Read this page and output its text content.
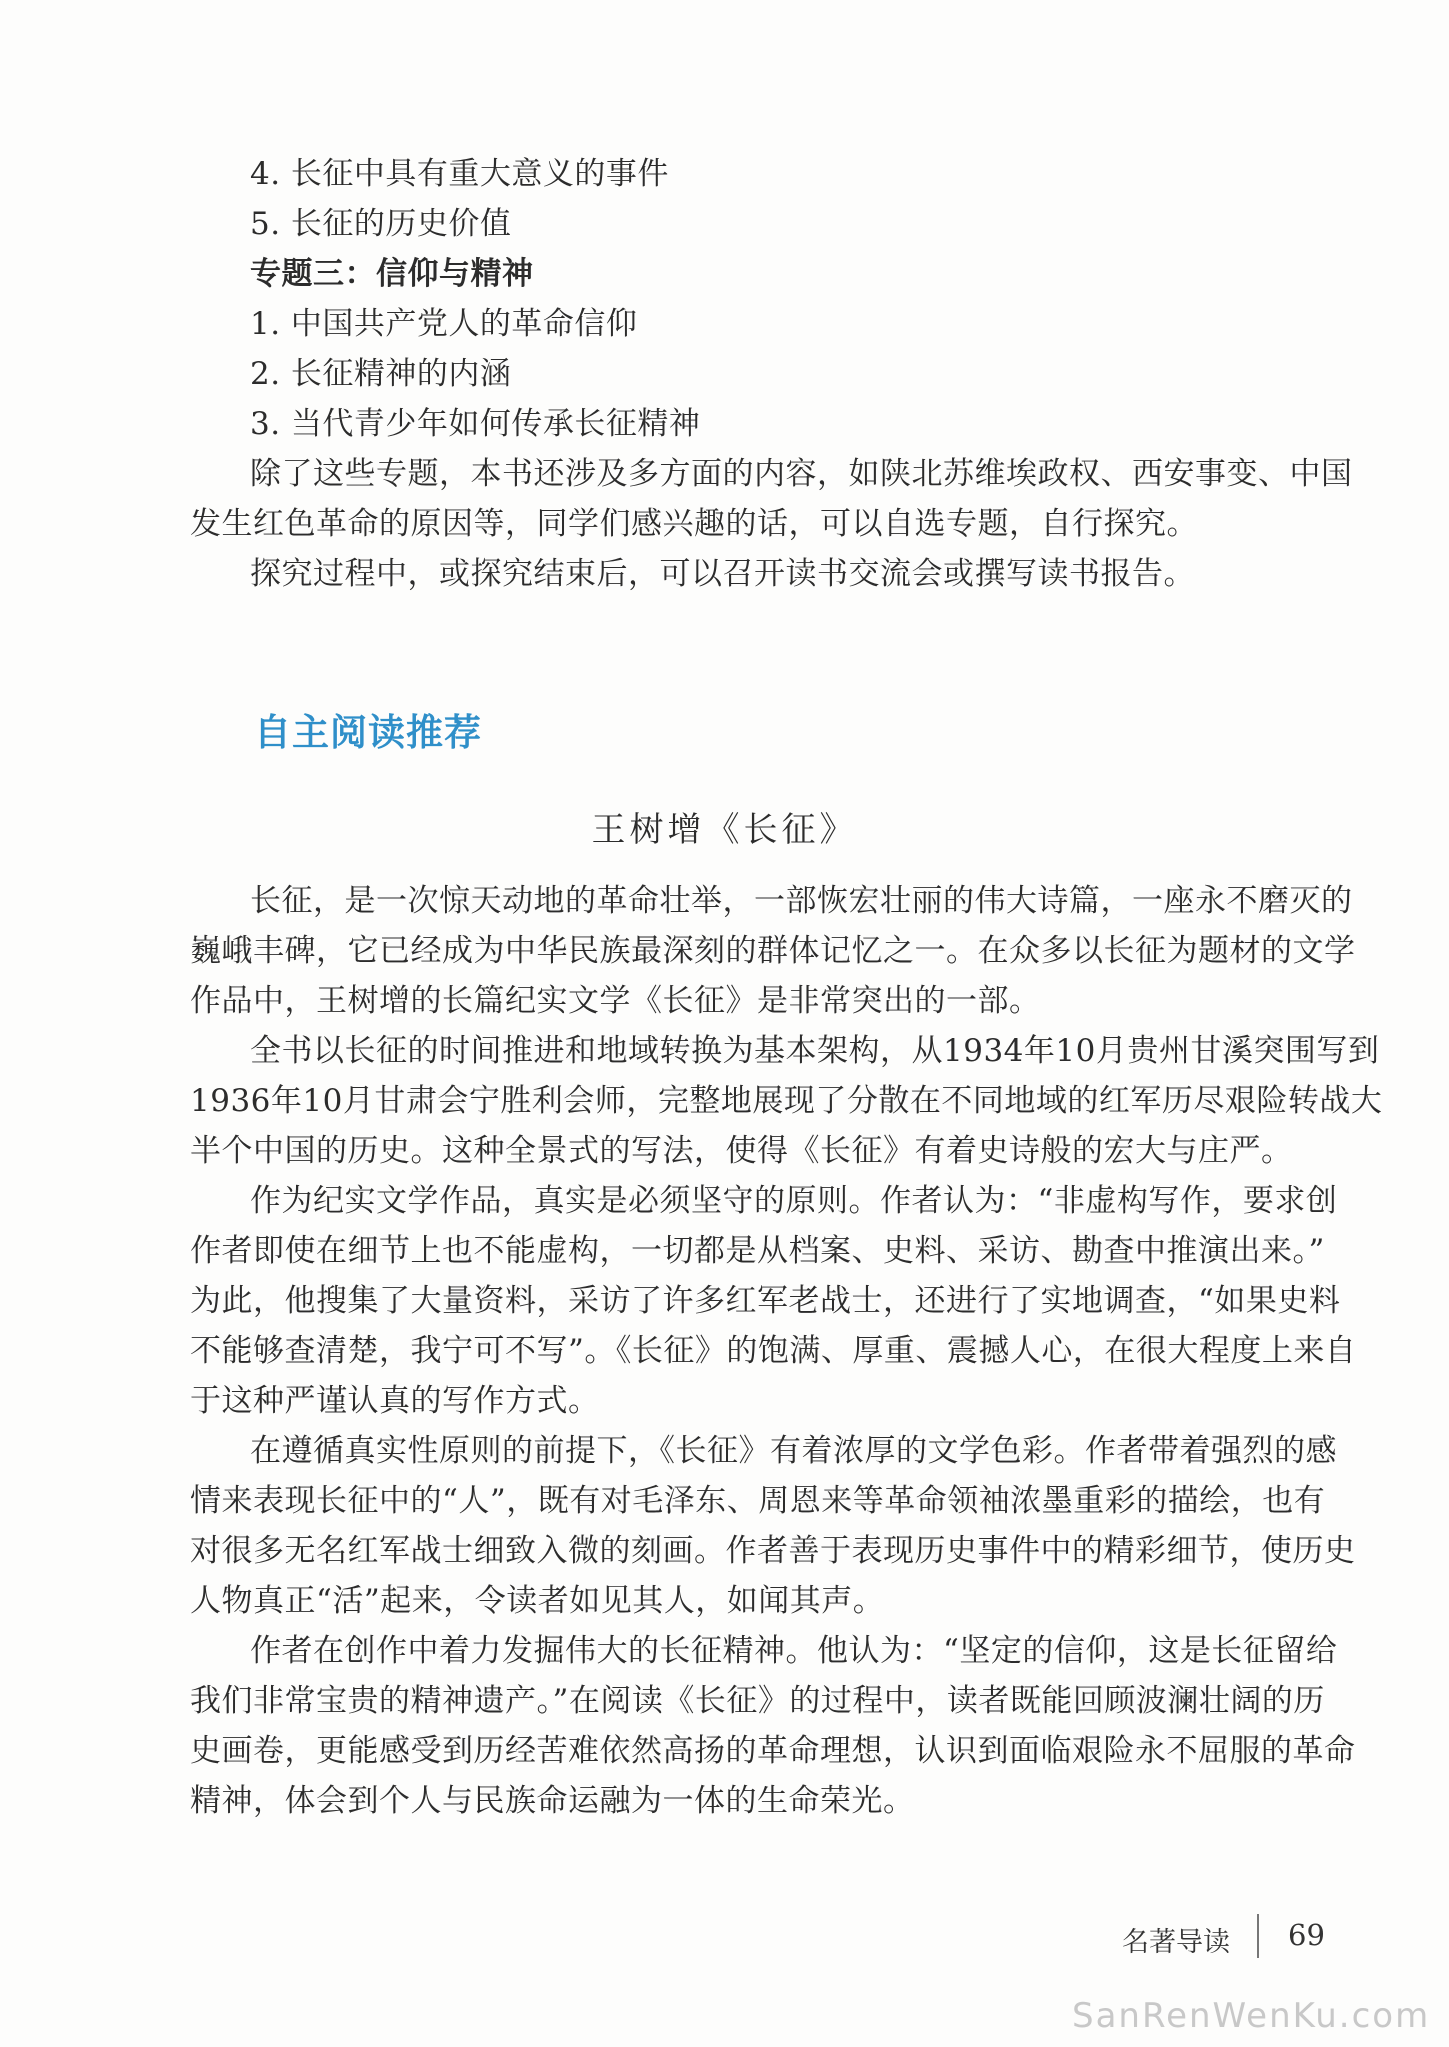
4. 长征中具有重大意义的事件
5. 长征的历史价值
专题三：信仰与精神
1. 中国共产党人的革命信仰
2. 长征精神的内涵
3. 当代青少年如何传承长征精神
除了这些专题，本书还涉及多方面的内容，如陕北苏维埃政权、西安事变、中国
发生红色革命的原因等，同学们感兴趣的话，可以自选专题，自行探究。
探究过程中，或探究结束后，可以召开读书交流会或撰写读书报告。
自主阅读推荐
王树增《长征》
长征，是一次惊天动地的革命壮举，一部恢宏壮丽的伟大诗篇，一座永不磨灭的
巍峨丰碑，它已经成为中华民族最深刻的群体记忆之一。在众多以长征为题材的文学
作品中，王树增的长篇纪实文学《长征》是非常突出的一部。
全书以长征的时间推进和地域转换为基本架构，从1934年10月贵州甘溪突围写到
1936年10月甘肃会宁胜利会师，完整地展现了分散在不同地域的红军历尽艰险转战大
半个中国的历史。这种全景式的写法，使得《长征》有着史诗般的宏大与庄严。
作为纪实文学作品，真实是必须坚守的原则。作者认为：“非虚构写作，要求创
作者即使在细节上也不能虚构，一切都是从档案、史料、采访、勘查中推演出来。”
为此，他搜集了大量资料，采访了许多红军老战士，还进行了实地调查，“如果史料
不能够查清楚，我宁可不写”。《长征》的饱满、厚重、震撼人心，在很大程度上来自
于这种严谨认真的写作方式。
在遵循真实性原则的前提下，《长征》有着浓厚的文学色彩。作者带着强烈的感
情来表现长征中的“人”，既有对毛泽东、周恩来等革命领袖浓墨重彩的描绘，也有
对很多无名红军战士细致入微的刻画。作者善于表现历史事件中的精彩细节，使历史
人物真正“活”起来，令读者如见其人，如闻其声。
作者在创作中着力发掘伟大的长征精神。他认为：“坚定的信仰，这是长征留给
我们非常宝贵的精神遗产。”在阅读《长征》的过程中，读者既能回顾波澜壮阔的历
史画卷，更能感受到历经苦难依然高扬的革命理想，认识到面临艰险永不屈服的革命
精神，体会到个人与民族命运融为一体的生命荣光。
名著导读 69
SanRenWenKu.com
